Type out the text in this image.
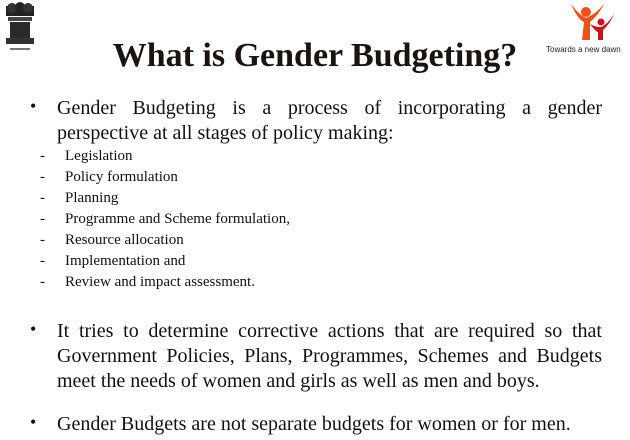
Towards a new dawn
What is Gender Budgeting?
• Gender Budgeting is a process of incorporating a gender perspective at all stages of policy making:
-	Legislation
-	Policy formulation
-	Planning
-	Programme and Scheme formulation,
-	Resource allocation
-	Implementation and
-	Review and impact assessment.
• It tries to determine corrective actions that are required so that Government Policies, Plans, Programmes, Schemes and Budgets meet the needs of women and girls as well as men and boys.
• Gender Budgets are not separate budgets for women or for men.
